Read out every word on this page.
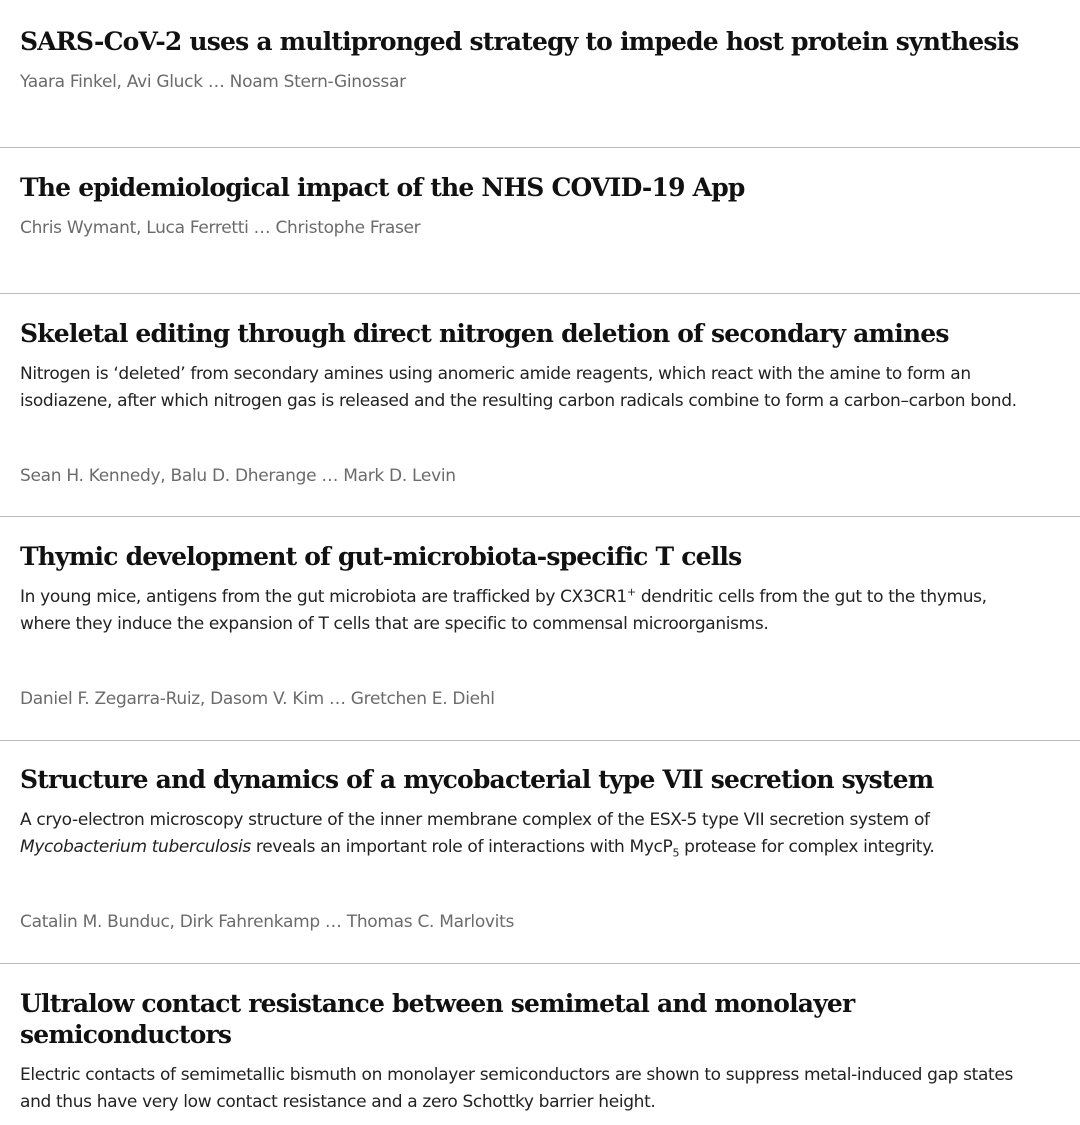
SARS-CoV-2 uses a multipronged strategy to impede host protein synthesis

Yaara Finkel, Avi Gluck … Noam Stern-Ginossar

The epidemiological impact of the NHS COVID-19 App

Chris Wymant, Luca Ferretti … Christophe Fraser

Skeletal editing through direct nitrogen deletion of secondary amines

Nitrogen is ‘deleted’ from secondary amines using anomeric amide reagents, which react with the amine to form an
isodiazene, after which nitrogen gas is released and the resulting carbon radicals combine to form a carbon–carbon bond.

Sean H. Kennedy, Balu D. Dherange … Mark D. Levin

Thymic development of gut-microbiota-specific T cells

In young mice, antigens from the gut microbiota are trafficked by CX3CR1+ dendritic cells from the gut to the thymus,
where they induce the expansion of T cells that are specific to commensal microorganisms.

Daniel F. Zegarra-Ruiz, Dasom V. Kim … Gretchen E. Diehl

Structure and dynamics of a mycobacterial type VII secretion system

A cryo-electron microscopy structure of the inner membrane complex of the ESX-5 type VII secretion system of
Mycobacterium tuberculosis reveals an important role of interactions with MycP$_5$ protease for complex integrity.

Catalin M. Bunduc, Dirk Fahrenkamp … Thomas C. Marlovits

Ultralow contact resistance between semimetal and monolayer
semiconductors

Electric contacts of semimetallic bismuth on monolayer semiconductors are shown to suppress metal-induced gap states
and thus have very low contact resistance and a zero Schottky barrier height.
